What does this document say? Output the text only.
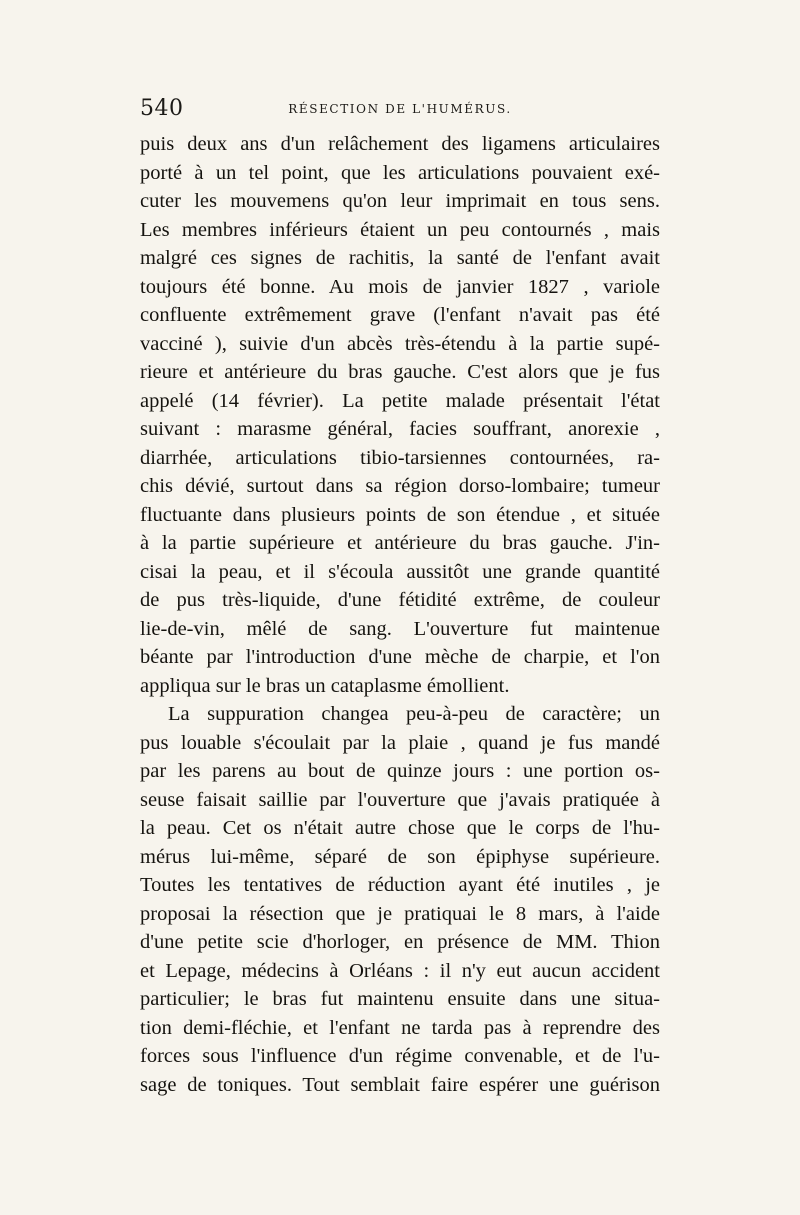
540	RÉSECTION DE L'HUMÉRUS.
puis deux ans d'un relâchement des ligamens articulaires
porté à un tel point, que les articulations pouvaient exé-
cuter les mouvemens qu'on leur imprimait en tous sens.
Les membres inférieurs étaient un peu contournés , mais
malgré ces signes de rachitis, la santé de l'enfant avait
toujours été bonne. Au mois de janvier 1827 , variole
confluente extrêmement grave (l'enfant n'avait pas été
vacciné ), suivie d'un abcès très-étendu à la partie supé-
rieure et antérieure du bras gauche. C'est alors que je fus
appelé (14 février). La petite malade présentait l'état
suivant : marasme général, facies souffrant, anorexie ,
diarrhée, articulations tibio-tarsiennes contournées, ra-
chis dévié, surtout dans sa région dorso-lombaire; tumeur
fluctuante dans plusieurs points de son étendue , et située
à la partie supérieure et antérieure du bras gauche. J'in-
cisai la peau, et il s'écoula aussitôt une grande quantité
de pus très-liquide, d'une fétidité extrême, de couleur
lie-de-vin, mêlé de sang. L'ouverture fut maintenue
béante par l'introduction d'une mèche de charpie, et l'on
appliqua sur le bras un cataplasme émollient.
La suppuration changea peu-à-peu de caractère; un
pus louable s'écoulait par la plaie , quand je fus mandé
par les parens au bout de quinze jours : une portion os-
seuse faisait saillie par l'ouverture que j'avais pratiquée à
la peau. Cet os n'était autre chose que le corps de l'hu-
mérus lui-même, séparé de son épiphyse supérieure.
Toutes les tentatives de réduction ayant été inutiles , je
proposai la résection que je pratiquai le 8 mars, à l'aide
d'une petite scie d'horloger, en présence de MM. Thion
et Lepage, médecins à Orléans : il n'y eut aucun accident
particulier; le bras fut maintenu ensuite dans une situa-
tion demi-fléchie, et l'enfant ne tarda pas à reprendre des
forces sous l'influence d'un régime convenable, et de l'u-
sage de toniques. Tout semblait faire espérer une guérison
